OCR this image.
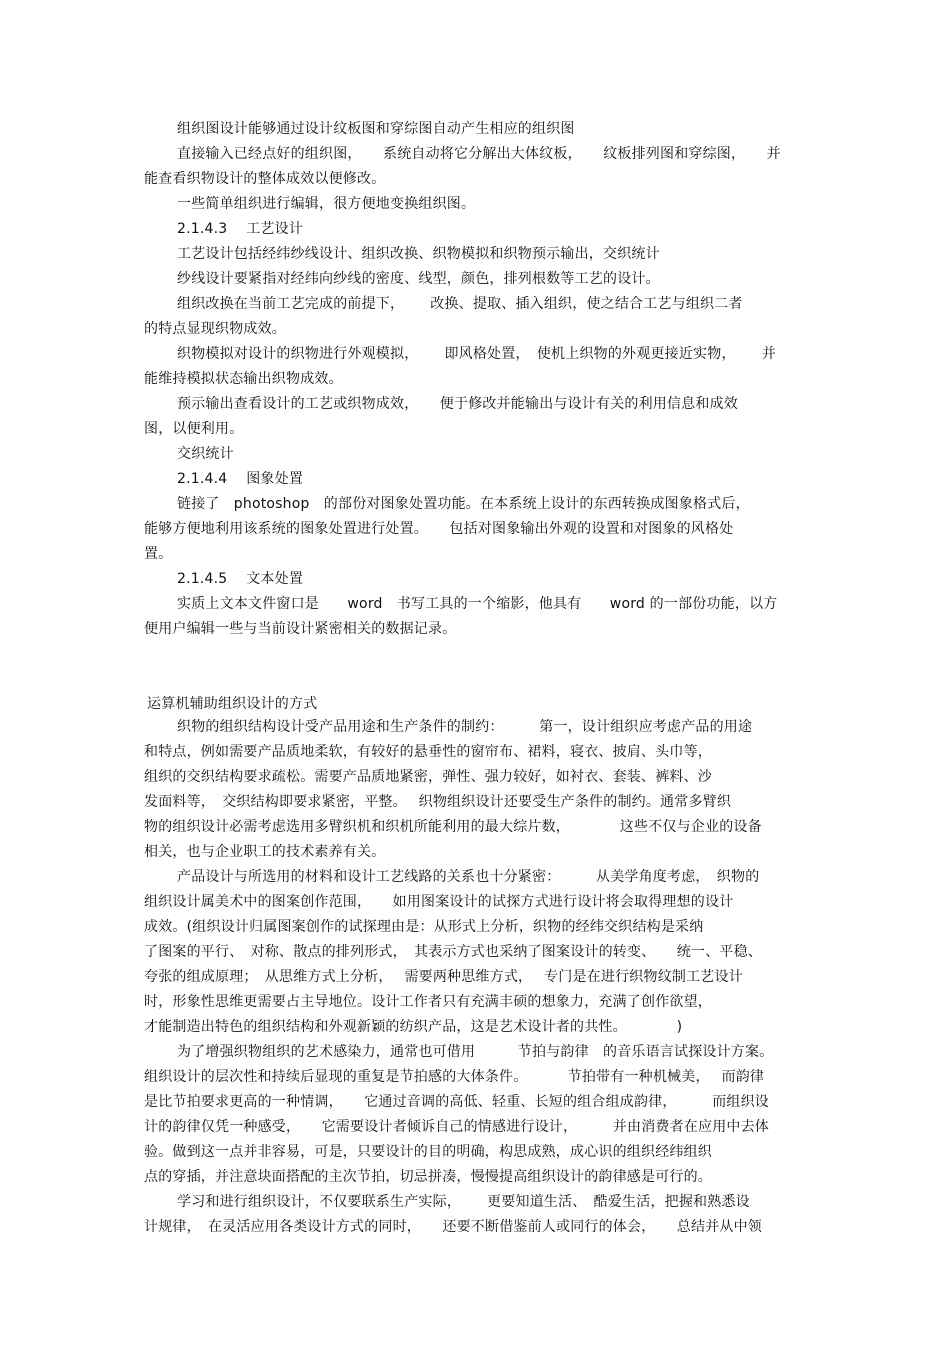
组织图设计能够通过设计纹板图和穿综图自动产生相应的组织图
直接输入已经点好的组织图，　　系统自动将它分解出大体纹板，　　纹板排列图和穿综图，　　并
能查看织物设计的整体成效以便修改。
一些简单组织进行编辑，很方便地变换组织图。
2.1.4.3　 工艺设计
工艺设计包括经纬纱线设计、组织改换、织物模拟和织物预示输出，交织统计
纱线设计要紧指对经纬向纱线的密度、线型，颜色，排列根数等工艺的设计。
组织改换在当前工艺完成的前提下，　　 改换、提取、插入组织，使之结合工艺与组织二者
的特点显现织物成效。
织物模拟对设计的织物进行外观模拟，　　 即风格处置，　使机上织物的外观更接近实物，　　 并
能维持模拟状态输出织物成效。
预示输出查看设计的工艺或织物成效，　　便于修改并能输出与设计有关的利用信息和成效
图，以便利用。
交织统计
2.1.4.4　 图象处置
链接了　photoshop　的部份对图象处置功能。在本系统上设计的东西转换成图象格式后，
能够方便地利用该系统的图象处置进行处置。　　包括对图象输出外观的设置和对图象的风格处
置。
2.1.4.5　 文本处置
实质上文本文件窗口是　　word　书写工具的一个缩影，他具有　　word 的一部份功能，以方
便用户编辑一些与当前设计紧密相关的数据记录。
运算机辅助组织设计的方式
织物的组织结构设计受产品用途和生产条件的制约：　　　第一，设计组织应考虑产品的用途
和特点，例如需要产品质地柔软，有较好的悬垂性的窗帘布、裙料，寝衣、披肩、头巾等，
组织的交织结构要求疏松。需要产品质地紧密，弹性、强力较好，如衬衣、套装、裤料、沙
发面料等，　交织结构即要求紧密，平整。　 织物组织设计还要受生产条件的制约。通常多臂织
物的组织设计必需考虑选用多臂织机和织机所能利用的最大综片数，　　　　这些不仅与企业的设备
相关，也与企业职工的技术素养有关。
产品设计与所选用的材料和设计工艺线路的关系也十分紧密：　　　从美学角度考虑，　织物的
组织设计属美术中的图案创作范围，　　如用图案设计的试探方式进行设计将会取得理想的设计
成效。(组织设计归属图案创作的试探理由是：从形式上分析，织物的经纬交织结构是采纳
了图案的平行、　对称、散点的排列形式，　其表示方式也采纳了图案设计的转变、　　统一、平稳、
夸张的组成原理；　从思维方式上分析，　 需要两种思维方式，　 专门是在进行织物纹制工艺设计
时，形象性思维更需要占主导地位。设计工作者只有充满丰硕的想象力，充满了创作欲望，
才能制造出特色的组织结构和外观新颖的纺织产品，这是艺术设计者的共性。　　　　)
为了增强织物组织的艺术感染力，通常也可借用　　　节拍与韵律　的音乐语言试探设计方案。
组织设计的层次性和持续后显现的重复是节拍感的大体条件。　　　 节拍带有一种机械美，　 而韵律
是比节拍要求更高的一种情调，　　它通过音调的高低、轻重、长短的组合组成韵律，　　　而组织设
计的韵律仅凭一种感受，　　它需要设计者倾诉自己的情感进行设计，　　　并由消费者在应用中去体
验。做到这一点并非容易，可是，只要设计的目的明确，构思成熟，成心识的组织经纬组织
点的穿插，并注意块面搭配的主次节拍，切忌拼凑，慢慢提高组织设计的韵律感是可行的。
学习和进行组织设计，不仅要联系生产实际，　　 更要知道生活、　酷爱生活，把握和熟悉设
计规律，　在灵活应用各类设计方式的同时，　　还要不断借鉴前人或同行的体会，　　总结并从中领
